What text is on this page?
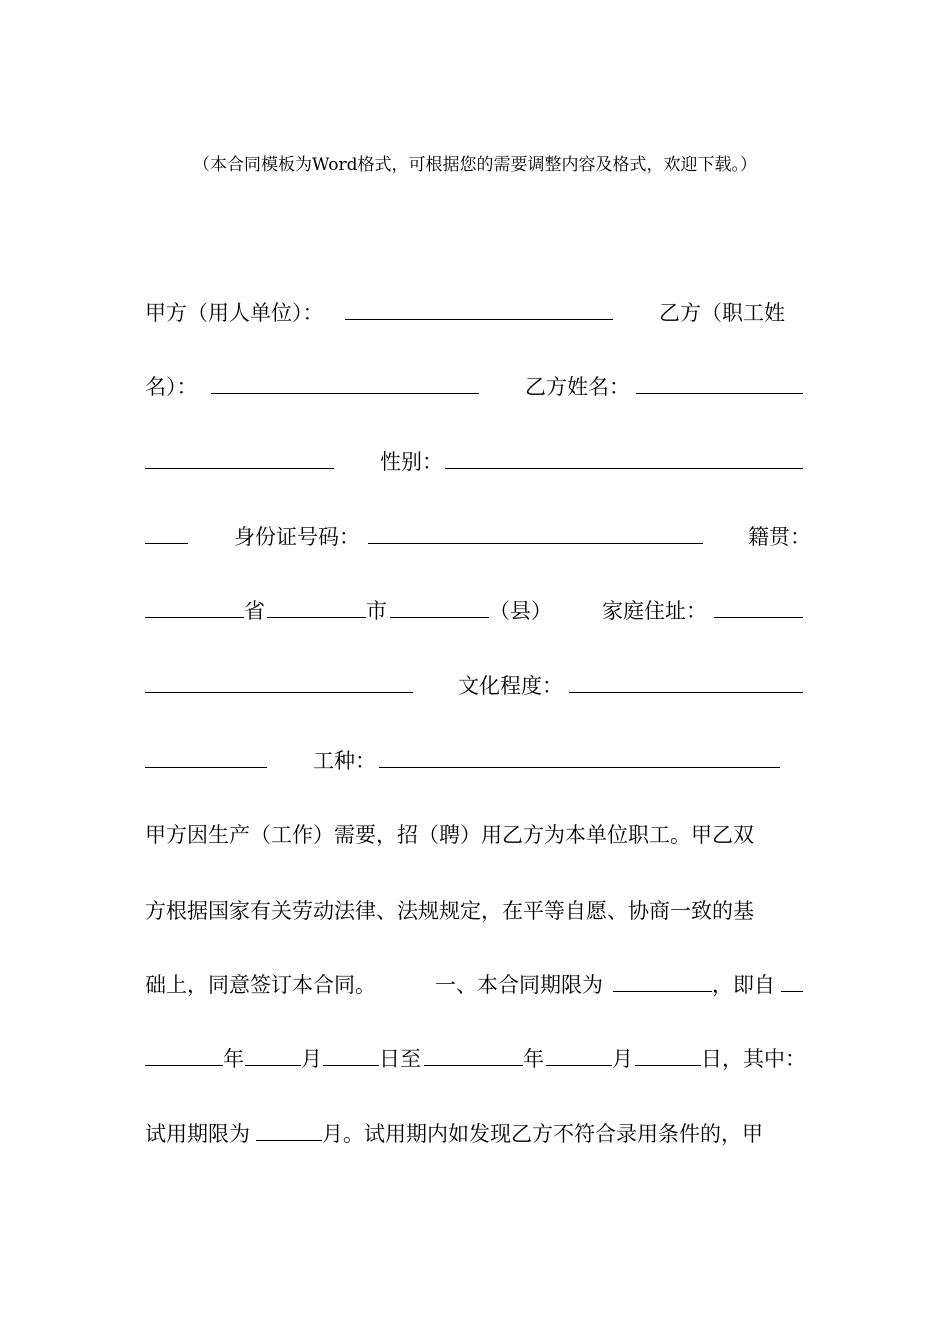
（本合同模板为Word格式，可根据您的需要调整内容及格式，欢迎下载。）
甲方（用人单位）：	乙方（职工姓
名）：	乙方姓名：
性别：
身份证号码：	籍贯：
省	市	（县） 家庭住址：
文化程度：
工种：
甲方因生产（工作）需要，招（聘）用乙方为本单位职工。甲乙双
方根据国家有关劳动法律、法规规定，在平等自愿、协商一致的基
础上，同意签订本合同。	一、本合同期限为	，即自
年	月	日至	年	月	日，其中：
试用期限为	月。试用期内如发现乙方不符合录用条件的，甲
